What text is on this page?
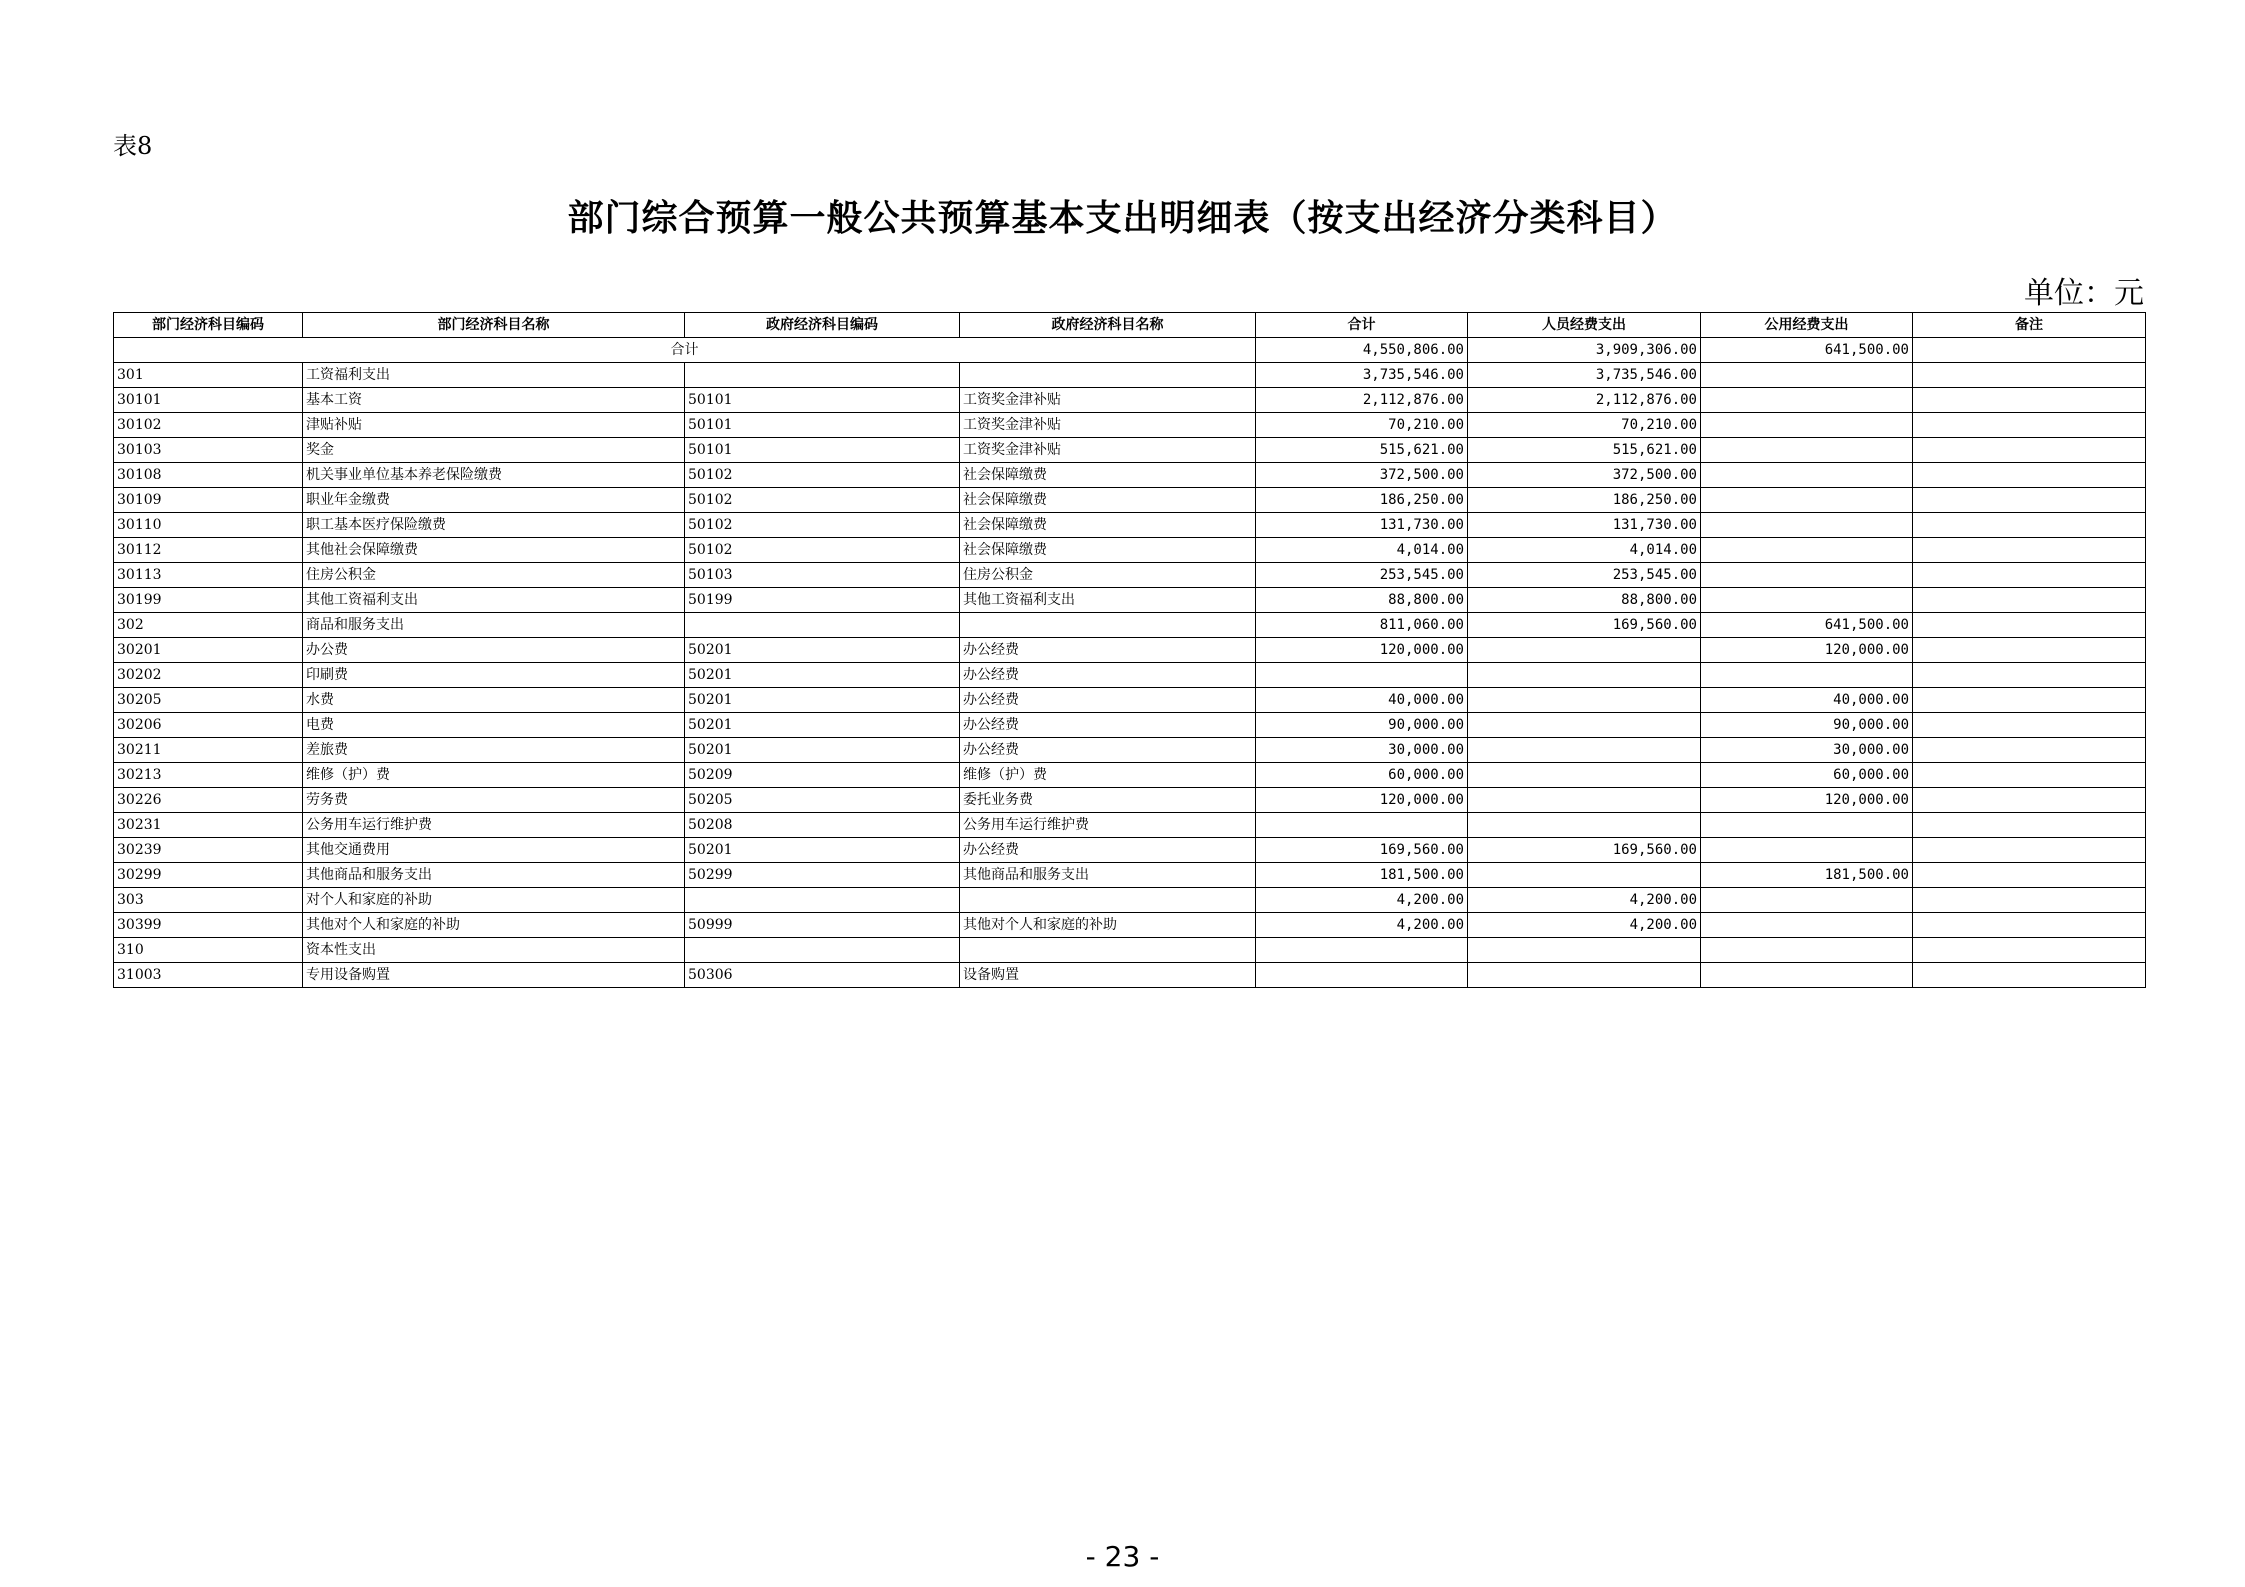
表8
部门综合预算一般公共预算基本支出明细表（按支出经济分类科目）
单位：元
部门经济科目编码	部门经济科目名称	政府经济科目编码	政府经济科目名称	合计	人员经费支出	公用经费支出	备注
合计				4,550,806.00	3,909,306.00	641,500.00	
301	工资福利支出			3,735,546.00	3,735,546.00		
30101	基本工资	50101	工资奖金津补贴	2,112,876.00	2,112,876.00		
30102	津贴补贴	50101	工资奖金津补贴	70,210.00	70,210.00		
30103	奖金	50101	工资奖金津补贴	515,621.00	515,621.00		
30108	机关事业单位基本养老保险缴费	50102	社会保障缴费	372,500.00	372,500.00		
30109	职业年金缴费	50102	社会保障缴费	186,250.00	186,250.00		
30110	职工基本医疗保险缴费	50102	社会保障缴费	131,730.00	131,730.00		
30112	其他社会保障缴费	50102	社会保障缴费	4,014.00	4,014.00		
30113	住房公积金	50103	住房公积金	253,545.00	253,545.00		
30199	其他工资福利支出	50199	其他工资福利支出	88,800.00	88,800.00		
302	商品和服务支出			811,060.00	169,560.00	641,500.00	
30201	办公费	50201	办公经费	120,000.00		120,000.00	
30202	印刷费	50201	办公经费				
30205	水费	50201	办公经费	40,000.00		40,000.00	
30206	电费	50201	办公经费	90,000.00		90,000.00	
30211	差旅费	50201	办公经费	30,000.00		30,000.00	
30213	维修（护）费	50209	维修（护）费	60,000.00		60,000.00	
30226	劳务费	50205	委托业务费	120,000.00		120,000.00	
30231	公务用车运行维护费	50208	公务用车运行维护费				
30239	其他交通费用	50201	办公经费	169,560.00	169,560.00		
30299	其他商品和服务支出	50299	其他商品和服务支出	181,500.00		181,500.00	
303	对个人和家庭的补助			4,200.00	4,200.00		
30399	其他对个人和家庭的补助	50999	其他对个人和家庭的补助	4,200.00	4,200.00		
310	资本性支出						
31003	专用设备购置	50306	设备购置				
- 23 -
